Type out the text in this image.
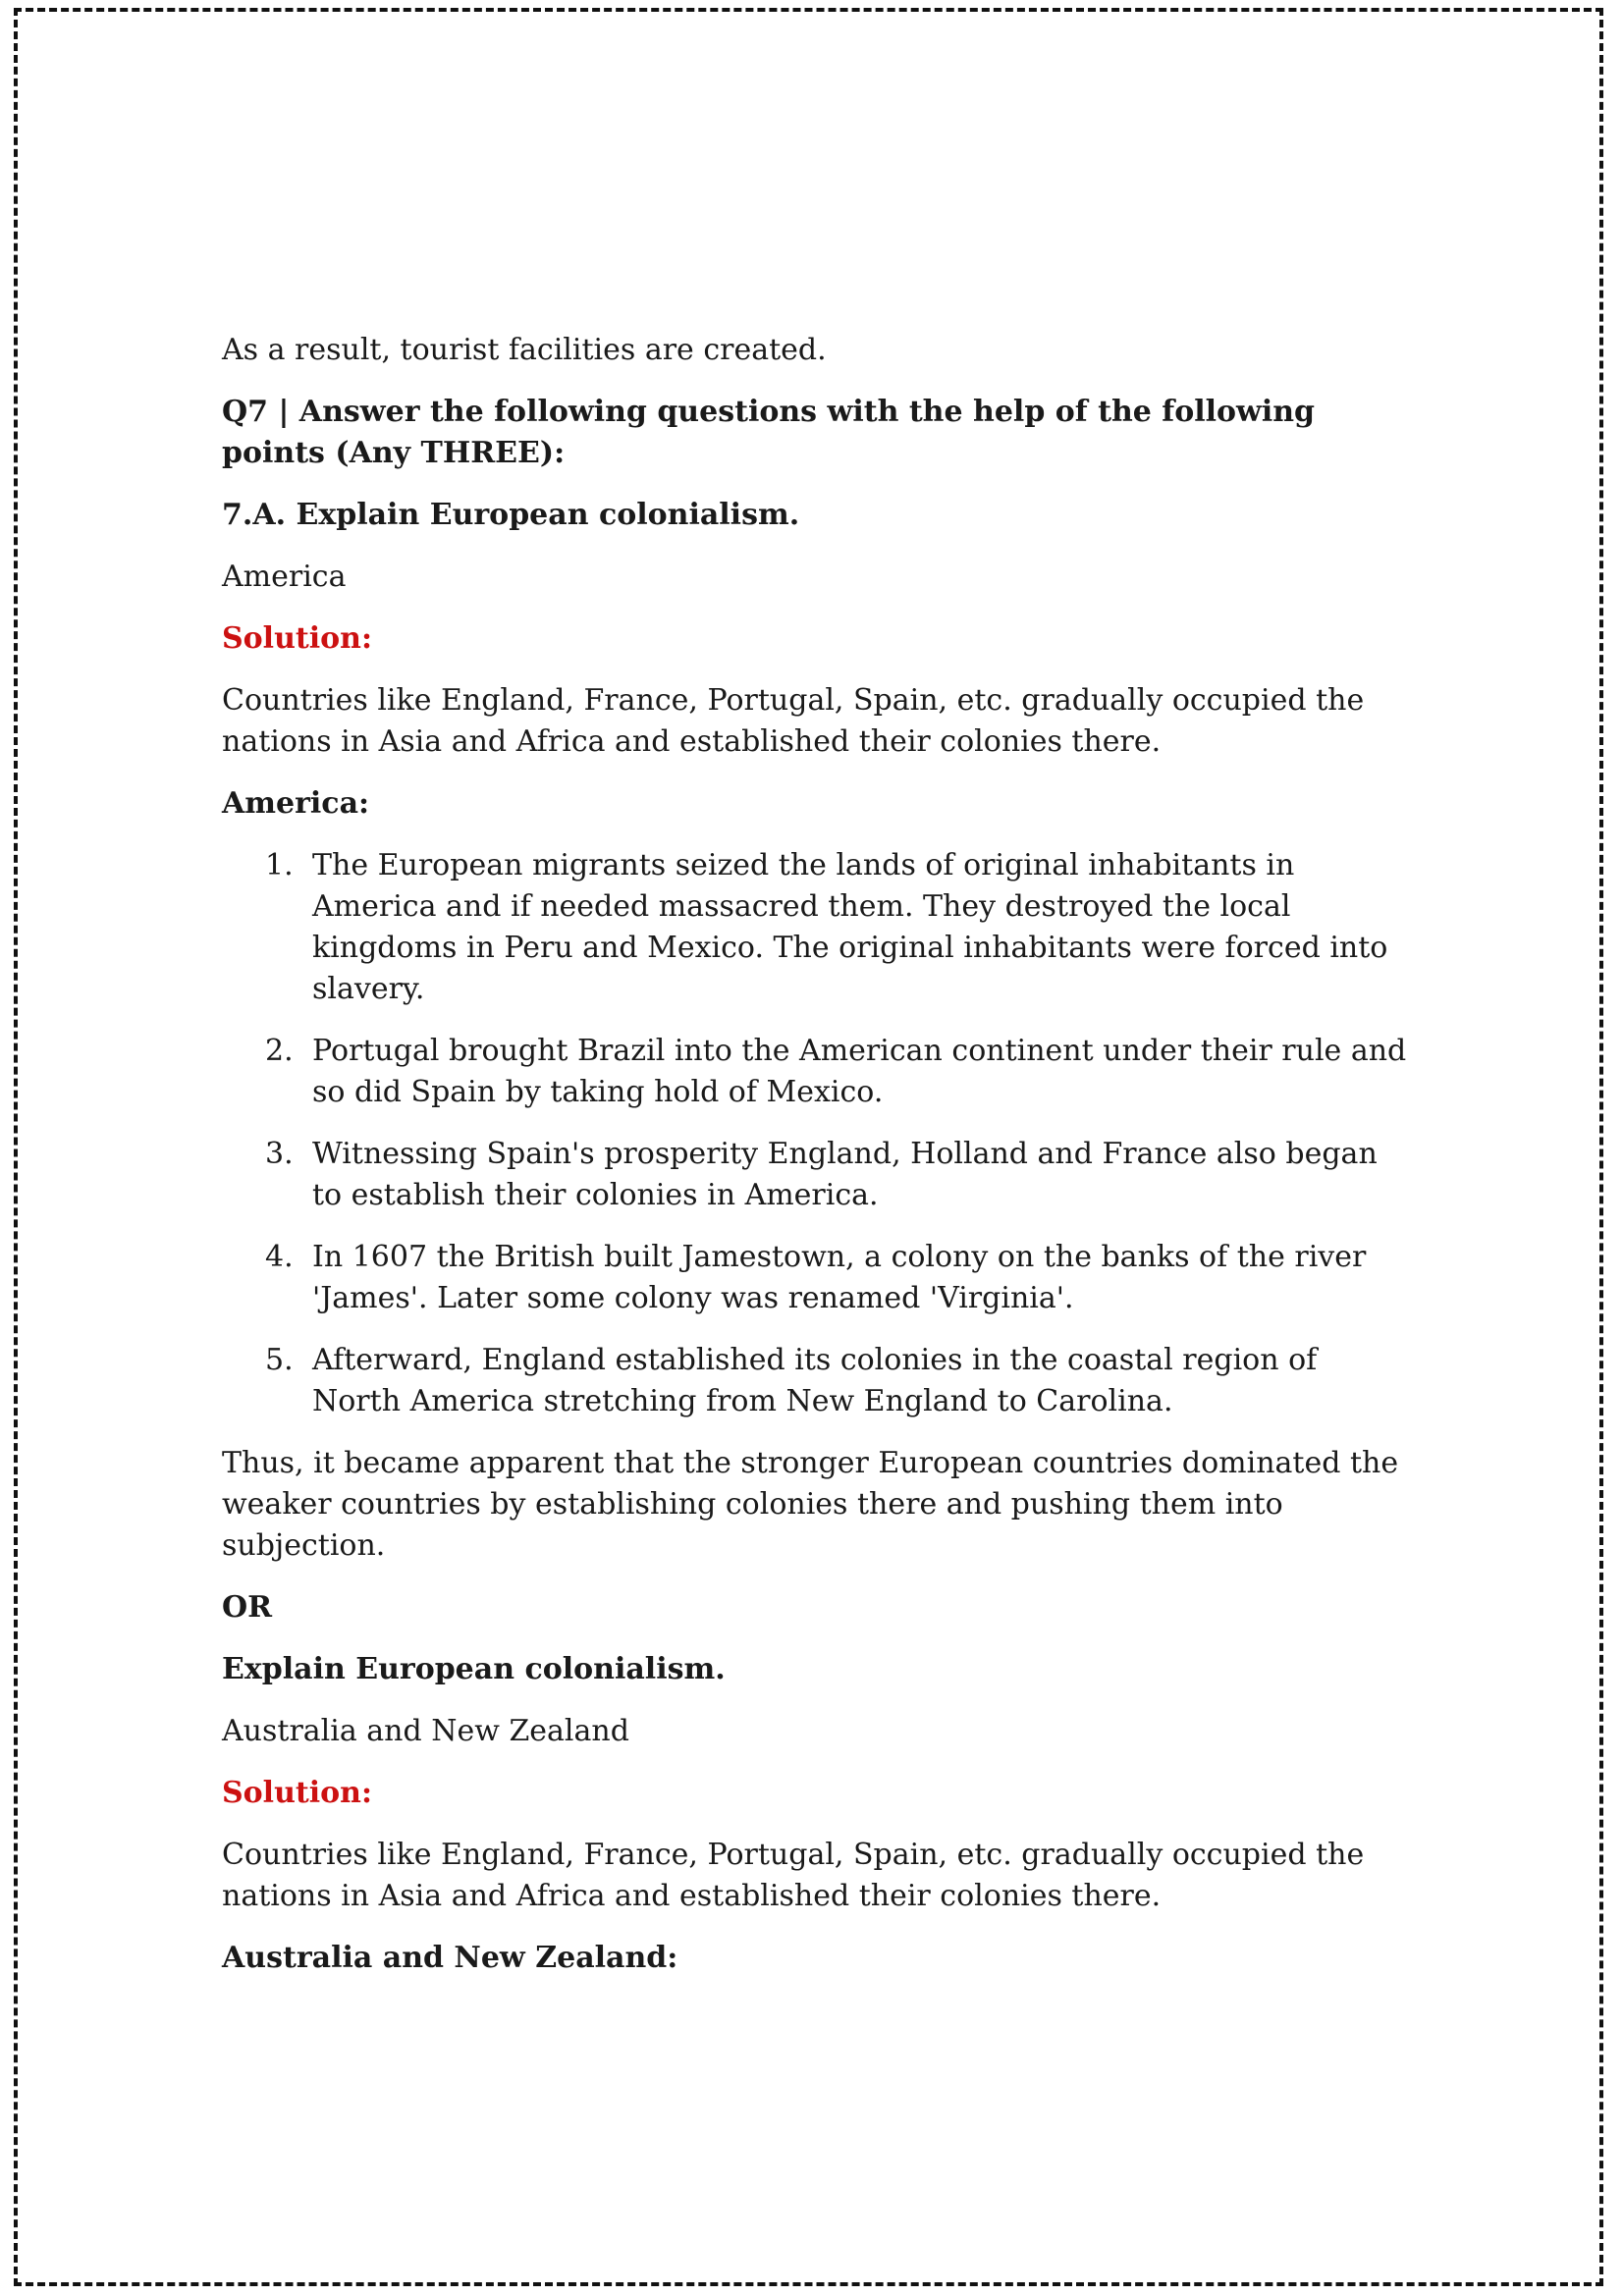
As a result, tourist facilities are created.

Q7 | Answer the following questions with the help of the following points (Any THREE):

7.A. Explain European colonialism.

America

Solution:

Countries like England, France, Portugal, Spain, etc. gradually occupied the nations in Asia and Africa and established their colonies there.

America:

1. The European migrants seized the lands of original inhabitants in America and if needed massacred them. They destroyed the local kingdoms in Peru and Mexico. The original inhabitants were forced into slavery.
2. Portugal brought Brazil into the American continent under their rule and so did Spain by taking hold of Mexico.
3. Witnessing Spain's prosperity England, Holland and France also began to establish their colonies in America.
4. In 1607 the British built Jamestown, a colony on the banks of the river 'James'. Later some colony was renamed 'Virginia'.
5. Afterward, England established its colonies in the coastal region of North America stretching from New England to Carolina.

Thus, it became apparent that the stronger European countries dominated the weaker countries by establishing colonies there and pushing them into subjection.

OR

Explain European colonialism.

Australia and New Zealand

Solution:

Countries like England, France, Portugal, Spain, etc. gradually occupied the nations in Asia and Africa and established their colonies there.

Australia and New Zealand:
